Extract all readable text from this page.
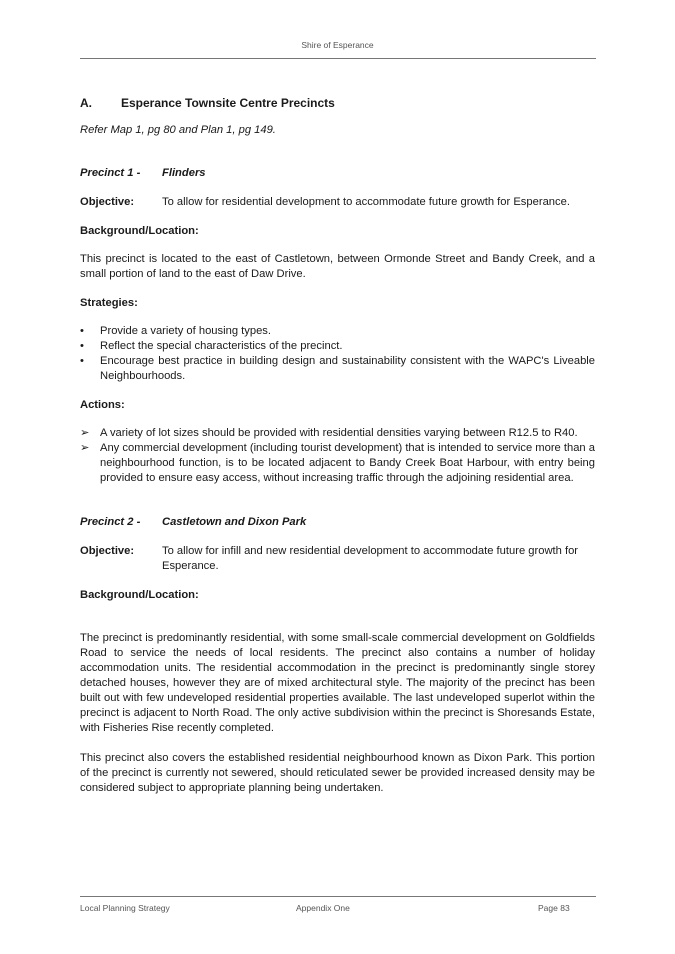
Shire of Esperance
A.	Esperance Townsite Centre Precincts

Refer Map 1, pg 80 and Plan 1, pg 149.

Precinct 1 -	Flinders
Objective:	To allow for residential development to accommodate future growth for Esperance.
Background/Location:

This precinct is located to the east of Castletown, between Ormonde Street and Bandy Creek, and a small portion of land to the east of Daw Drive.

Strategies:
•	Provide a variety of housing types.
•	Reflect the special characteristics of the precinct.
•	Encourage best practice in building design and sustainability consistent with the WAPC's Liveable Neighbourhoods.
Actions:
➢ A variety of lot sizes should be provided with residential densities varying between R12.5 to R40.
➢ Any commercial development (including tourist development) that is intended to service more than a neighbourhood function, is to be located adjacent to Bandy Creek Boat Harbour, with entry being provided to ensure easy access, without increasing traffic through the adjoining residential area.
Precinct 2 -	Castletown and Dixon Park
Objective:	To allow for infill and new residential development to accommodate future growth for Esperance.
Background/Location:

The precinct is predominantly residential, with some small-scale commercial development on Goldfields Road to service the needs of local residents. The precinct also contains a number of holiday accommodation units. The residential accommodation in the precinct is predominantly single storey detached houses, however they are of mixed architectural style. The majority of the precinct has been built out with few undeveloped residential properties available. The last undeveloped superlot within the precinct is adjacent to North Road. The only active subdivision within the precinct is Shoresands Estate, with Fisheries Rise recently completed.

This precinct also covers the established residential neighbourhood known as Dixon Park. This portion of the precinct is currently not sewered, should reticulated sewer be provided increased density may be considered subject to appropriate planning being undertaken.

Local Planning Strategy	Appendix One	Page 83
